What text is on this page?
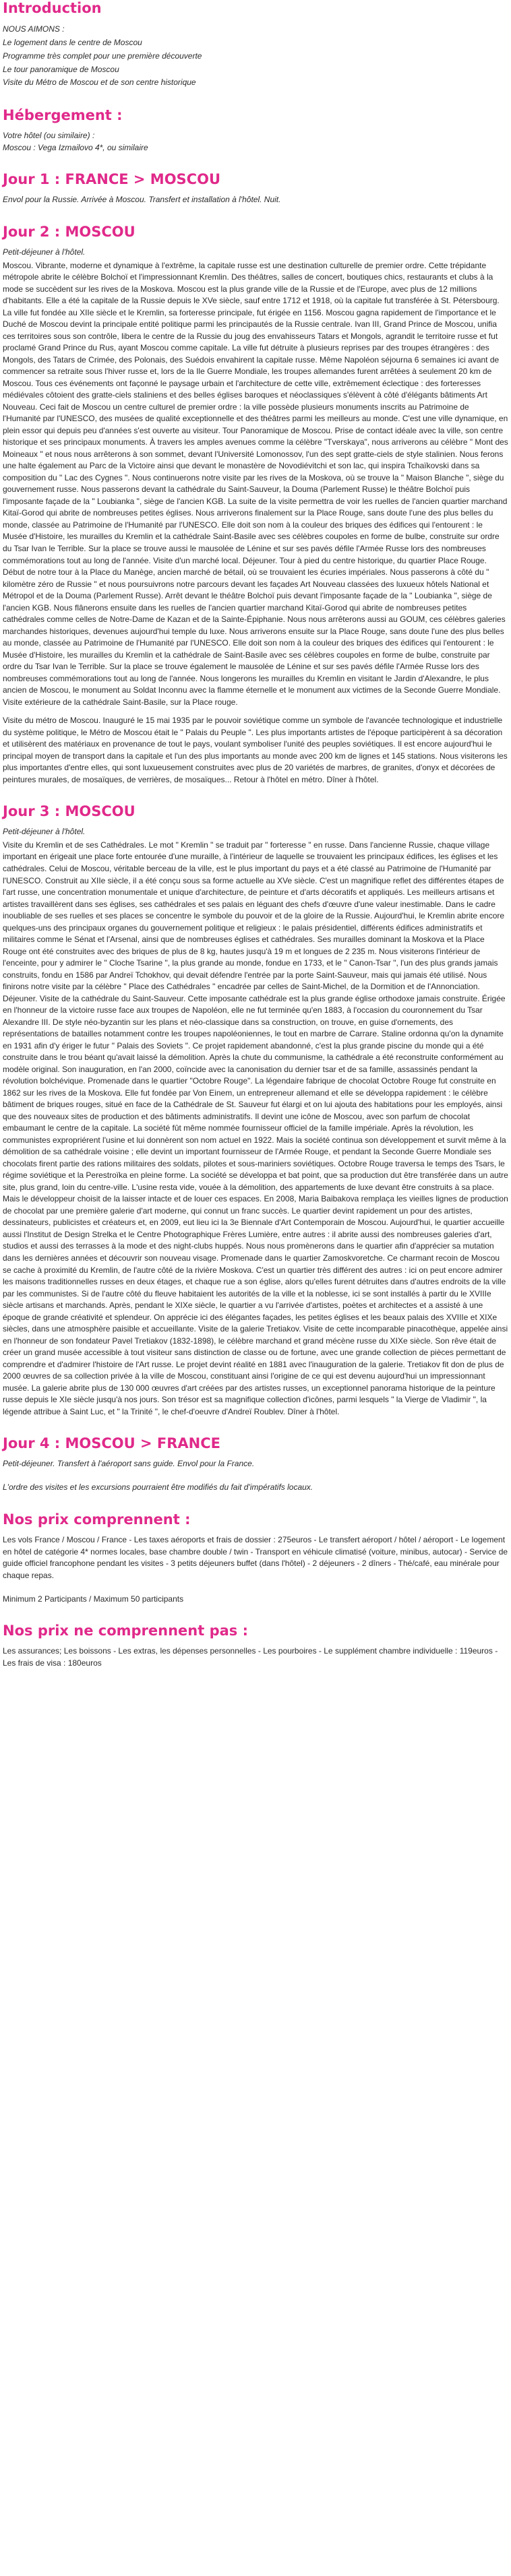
Introduction

NOUS AIMONS :

Le logement dans le centre de Moscou

Programme très complet pour une première découverte

Le tour panoramique de Moscou

Visite du Métro de Moscou et de son centre historique

Hébergement :

Votre hôtel (ou similaire) :

Moscou : Vega Izmailovo 4*, ou similaire

Jour 1 : FRANCE > MOSCOU

Envol pour la Russie. Arrivée à Moscou. Transfert et installation à l'hôtel. Nuit.

Jour 2 : MOSCOU

Petit-déjeuner à l'hôtel.

Moscou. Vibrante, moderne et dynamique à l'extrême, la capitale russe est une destination culturelle de premier ordre. Cette trépidante métropole abrite le célèbre Bolchoï et l'impressionnant Kremlin. Des théâtres, salles de concert, boutiques chics, restaurants et clubs à la mode se succèdent sur les rives de la Moskova. Moscou est la plus grande ville de la Russie et de l'Europe, avec plus de 12 millions d'habitants. Elle a été la capitale de la Russie depuis le XVe siècle, sauf entre 1712 et 1918, où la capitale fut transférée à St. Pétersbourg. La ville fut fondée au XIIe siècle et le Kremlin, sa forteresse principale, fut érigée en 1156. Moscou gagna rapidement de l'importance et le Duché de Moscou devint la principale entité politique parmi les principautés de la Russie centrale. Ivan III, Grand Prince de Moscou, unifia ces territoires sous son contrôle, libera le centre de la Russie du joug des envahisseurs Tatars et Mongols, agrandit le territoire russe et fut proclamé Grand Prince du Rus, ayant Moscou comme capitale. La ville fut détruite à plusieurs reprises par des troupes étrangères : des Mongols, des Tatars de Crimée, des Polonais, des Suédois envahirent la capitale russe. Même Napoléon séjourna 6 semaines ici avant de commencer sa retraite sous l'hiver russe et, lors de la Ile Guerre Mondiale, les troupes allemandes furent arrêtées à seulement 20 km de Moscou. Tous ces événements ont façonné le paysage urbain et l'architecture de cette ville, extrêmement éclectique : des forteresses médiévales côtoient des gratte-ciels staliniens et des belles églises baroques et néoclassiques s'élèvent à côté d'élégants bâtiments Art Nouveau. Ceci fait de Moscou un centre culturel de premier ordre : la ville possède plusieurs monuments inscrits au Patrimoine de l'Humanité par l'UNESCO, des musées de qualité exceptionnelle et des théâtres parmi les meilleurs au monde. C'est une ville dynamique, en plein essor qui depuis peu d'années s'est ouverte au visiteur. Tour Panoramique de Moscou. Prise de contact idéale avec la ville, son centre historique et ses principaux monuments. À travers les amples avenues comme la célèbre "Tverskaya", nous arriverons au célèbre " Mont des Moineaux " et nous nous arrêterons à son sommet, devant l'Université Lomonossov, l'un des sept gratte-ciels de style stalinien. Nous ferons une halte également au Parc de la Victoire ainsi que devant le monastère de Novodiévitchi et son lac, qui inspira Tchaïkovski dans sa composition du " Lac des Cygnes ". Nous continuerons notre visite par les rives de la Moskova, où se trouve la " Maison Blanche ", siège du gouvernement russe. Nous passerons devant la cathédrale du Saint-Sauveur, la Douma (Parlement Russe) le théâtre Bolchoï puis l'imposante façade de la " Loubianka ", siège de l'ancien KGB. La suite de la visite permettra de voir les ruelles de l'ancien quartier marchand Kitaï-Gorod qui abrite de nombreuses petites églises. Nous arriverons finalement sur la Place Rouge, sans doute l'une des plus belles du monde, classée au Patrimoine de l'Humanité par l'UNESCO. Elle doit son nom à la couleur des briques des édifices qui l'entourent : le Musée d'Histoire, les murailles du Kremlin et la cathédrale Saint-Basile avec ses célèbres coupoles en forme de bulbe, construite sur ordre du Tsar Ivan le Terrible. Sur la place se trouve aussi le mausolée de Lénine et sur ses pavés défile l'Armée Russe lors des nombreuses commémorations tout au long de l'année. Visite d'un marché local. Déjeuner. Tour à pied du centre historique, du quartier Place Rouge. Début de notre tour à la Place du Manège, ancien marché de bétail, où se trouvaient les écuries impériales. Nous passerons à côté du " kilomètre zéro de Russie " et nous poursuivrons notre parcours devant les façades Art Nouveau classées des luxueux hôtels National et Métropol et de la Douma (Parlement Russe). Arrêt devant le théâtre Bolchoï puis devant l'imposante façade de la " Loubianka ", siège de l'ancien KGB. Nous flânerons ensuite dans les ruelles de l'ancien quartier marchand Kitaï-Gorod qui abrite de nombreuses petites cathédrales comme celles de Notre-Dame de Kazan et de la Sainte-Épiphanie. Nous nous arrêterons aussi au GOUM, ces célèbres galeries marchandes historiques, devenues aujourd'hui temple du luxe. Nous arriverons ensuite sur la Place Rouge, sans doute l'une des plus belles au monde, classée au Patrimoine de l'Humanité par l'UNESCO. Elle doit son nom à la couleur des briques des édifices qui l'entourent : le Musée d'Histoire, les murailles du Kremlin et la cathédrale de Saint-Basile avec ses célèbres coupoles en forme de bulbe, construite par ordre du Tsar Ivan le Terrible. Sur la place se trouve également le mausolée de Lénine et sur ses pavés défile l'Armée Russe lors des nombreuses commémorations tout au long de l'année. Nous longerons les murailles du Kremlin en visitant le Jardin d'Alexandre, le plus ancien de Moscou, le monument au Soldat Inconnu avec la flamme éternelle et le monument aux victimes de la Seconde Guerre Mondiale. Visite extérieure de la cathédrale Saint-Basile, sur la Place rouge.

Visite du métro de Moscou. Inauguré le 15 mai 1935 par le pouvoir soviétique comme un symbole de l'avancée technologique et industrielle du système politique, le Métro de Moscou était le " Palais du Peuple ". Les plus importants artistes de l'époque participèrent à sa décoration et utilisèrent des matériaux en provenance de tout le pays, voulant symboliser l'unité des peuples soviétiques. Il est encore aujourd'hui le principal moyen de transport dans la capitale et l'un des plus importants au monde avec 200 km de lignes et 145 stations. Nous visiterons les plus importantes d'entre elles, qui sont luxueusement construites avec plus de 20 variétés de marbres, de granites, d'onyx et décorées de peintures murales, de mosaïques, de verrières, de mosaïques... Retour à l'hôtel en métro. Dîner à l'hôtel.

Jour 3 : MOSCOU

Petit-déjeuner à l'hôtel.

Visite du Kremlin et de ses Cathédrales. Le mot " Kremlin " se traduit par " forteresse " en russe. Dans l'ancienne Russie, chaque village important en érigeait une place forte entourée d'une muraille, à l'intérieur de laquelle se trouvaient les principaux édifices, les églises et les cathédrales. Celui de Moscou, véritable berceau de la ville, est le plus important du pays et a été classé au Patrimoine de l'Humanité par l'UNESCO. Construit au XIIe siècle, il a été conçu sous sa forme actuelle au XVe siècle. C'est un magnifique reflet des différentes étapes de l'art russe, une concentration monumentale et unique d'architecture, de peinture et d'arts décoratifs et appliqués. Les meilleurs artisans et artistes travaillèrent dans ses églises, ses cathédrales et ses palais en léguant des chefs d'œuvre d'une valeur inestimable. Dans le cadre inoubliable de ses ruelles et ses places se concentre le symbole du pouvoir et de la gloire de la Russie. Aujourd'hui, le Kremlin abrite encore quelques-uns des principaux organes du gouvernement politique et religieux : le palais présidentiel, différents édifices administratifs et militaires comme le Sénat et l'Arsenal, ainsi que de nombreuses églises et cathédrales. Ses murailles dominant la Moskova et la Place Rouge ont été construites avec des briques de plus de 8 kg, hautes jusqu'à 19 m et longues de 2 235 m. Nous visiterons l'intérieur de l'enceinte, pour y admirer le " Cloche Tsarine ", la plus grande au monde, fondue en 1733, et le " Canon-Tsar ", l'un des plus grands jamais construits, fondu en 1586 par Andreï Tchokhov, qui devait défendre l'entrée par la porte Saint-Sauveur, mais qui jamais été utilisé. Nous finirons notre visite par la célèbre " Place des Cathédrales " encadrée par celles de Saint-Michel, de la Dormition et de l'Annonciation. Déjeuner. Visite de la cathédrale du Saint-Sauveur. Cette imposante cathédrale est la plus grande église orthodoxe jamais construite. Érigée en l'honneur de la victoire russe face aux troupes de Napoléon, elle ne fut terminée qu'en 1883, à l'occasion du couronnement du Tsar Alexandre III. De style néo-byzantin sur les plans et néo-classique dans sa construction, on trouve, en guise d'ornements, des représentations de batailles notamment contre les troupes napoléoniennes, le tout en marbre de Carrare. Staline ordonna qu'on la dynamite en 1931 afin d'y ériger le futur " Palais des Soviets ". Ce projet rapidement abandonné, c'est la plus grande piscine du monde qui a été construite dans le trou béant qu'avait laissé la démolition. Après la chute du communisme, la cathédrale a été reconstruite conformément au modèle original. Son inauguration, en l'an 2000, coïncide avec la canonisation du dernier tsar et de sa famille, assassinés pendant la révolution bolchévique. Promenade dans le quartier "Octobre Rouge". La légendaire fabrique de chocolat Octobre Rouge fut construite en 1862 sur les rives de la Moskova. Elle fut fondée par Von Einem, un entrepreneur allemand et elle se développa rapidement : le célèbre bâtiment de briques rouges, situé en face de la Cathédrale de St. Sauveur fut élargi et on lui ajouta des habitations pour les employés, ainsi que des nouveaux sites de production et des bâtiments administratifs. Il devint une icône de Moscou, avec son parfum de chocolat embaumant le centre de la capitale. La société fût même nommée fournisseur officiel de la famille impériale. Après la révolution, les communistes expropriérent l'usine et lui donnèrent son nom actuel en 1922. Mais la société continua son développement et survit même à la démolition de sa cathédrale voisine ; elle devint un important fournisseur de l'Armée Rouge, et pendant la Seconde Guerre Mondiale ses chocolats firent partie des rations militaires des soldats, pilotes et sous-mariniers soviétiques. Octobre Rouge traversa le temps des Tsars, le régime soviétique et la Perestroïka en pleine forme. La société se développa et bat point, que sa production dut être transférée dans un autre site, plus grand, loin du centre-ville. L'usine resta vide, vouée à la démolition, des appartements de luxe devant être construits à sa place. Mais le développeur choisit de la laisser intacte et de louer ces espaces. En 2008, Maria Baibakova remplaça les vieilles lignes de production de chocolat par une première galerie d'art moderne, qui connut un franc succès. Le quartier devint rapidement un pour des artistes, dessinateurs, publicistes et créateurs et, en 2009, eut lieu ici la 3e Biennale d'Art Contemporain de Moscou. Aujourd'hui, le quartier accueille aussi l'Institut de Design Strelka et le Centre Photographique Frères Lumière, entre autres : il abrite aussi des nombreuses galeries d'art, studios et aussi des terrasses à la mode et des night-clubs huppés. Nous nous promènerons dans le quartier afin d'apprécier sa mutation dans les dernières années et découvrir son nouveau visage. Promenade dans le quartier Zamoskvoretche. Ce charmant recoin de Moscou se cache à proximité du Kremlin, de l'autre côté de la rivière Moskova. C'est un quartier très différent des autres : ici on peut encore admirer les maisons traditionnelles russes en deux étages, et chaque rue a son église, alors qu'elles furent détruites dans d'autres endroits de la ville par les communistes. Si de l'autre côté du fleuve habitaient les autorités de la ville et la noblesse, ici se sont installés à partir du le XVIIIe siècle artisans et marchands. Après, pendant le XIXe siècle, le quartier a vu l'arrivée d'artistes, poètes et architectes et a assisté à une époque de grande créativité et splendeur. On apprécie ici des élégantes façades, les petites églises et les beaux palais des XVIIIe et XIXe siècles, dans une atmosphère paisible et accueillante. Visite de la galerie Tretiakov. Visite de cette incomparable pinacothèque, appelée ainsi en l'honneur de son fondateur Pavel Tretiakov (1832-1898), le célèbre marchand et grand mécène russe du XIXe siècle. Son rêve était de créer un grand musée accessible à tout visiteur sans distinction de classe ou de fortune, avec une grande collection de pièces permettant de comprendre et d'admirer l'histoire de l'Art russe. Le projet devint réalité en 1881 avec l'inauguration de la galerie. Tretiakov fit don de plus de 2000 œuvres de sa collection privée à la ville de Moscou, constituant ainsi l'origine de ce qui est devenu aujourd'hui un impressionnant musée. La galerie abrite plus de 130 000 œuvres d'art créées par des artistes russes, un exceptionnel panorama historique de la peinture russe depuis le XIe siècle jusqu'à nos jours. Son trésor est sa magnifique collection d'icônes, parmi lesquels " la Vierge de Vladimir ", la légende attribue à Saint Luc, et " la Trinité ", le chef-d'oeuvre d'Andreï Roublev. Dîner à l'hôtel.

Jour 4 : MOSCOU > FRANCE

Petit-déjeuner. Transfert à l'aéroport sans guide. Envol pour la France.

L'ordre des visites et les excursions pourraient être modifiés du fait d'impératifs locaux.

Nos prix comprennent :

Les vols France / Moscou / France - Les taxes aéroports et frais de dossier : 275euros - Le transfert aéroport / hôtel / aéroport - Le logement en hôtel de catégorie 4* normes locales, base chambre double / twin - Transport en véhicule climatisé (voiture, minibus, autocar) - Service de guide officiel francophone pendant les visites - 3 petits déjeuners buffet (dans l'hôtel) - 2 déjeuners - 2 dîners - Thé/café, eau minérale pour chaque repas.

Minimum 2 Participants / Maximum 50 participants

Nos prix ne comprennent pas :

Les assurances; Les boissons - Les extras, les dépenses personnelles - Les pourboires - Le supplément chambre individuelle : 119euros - Les frais de visa : 180euros
